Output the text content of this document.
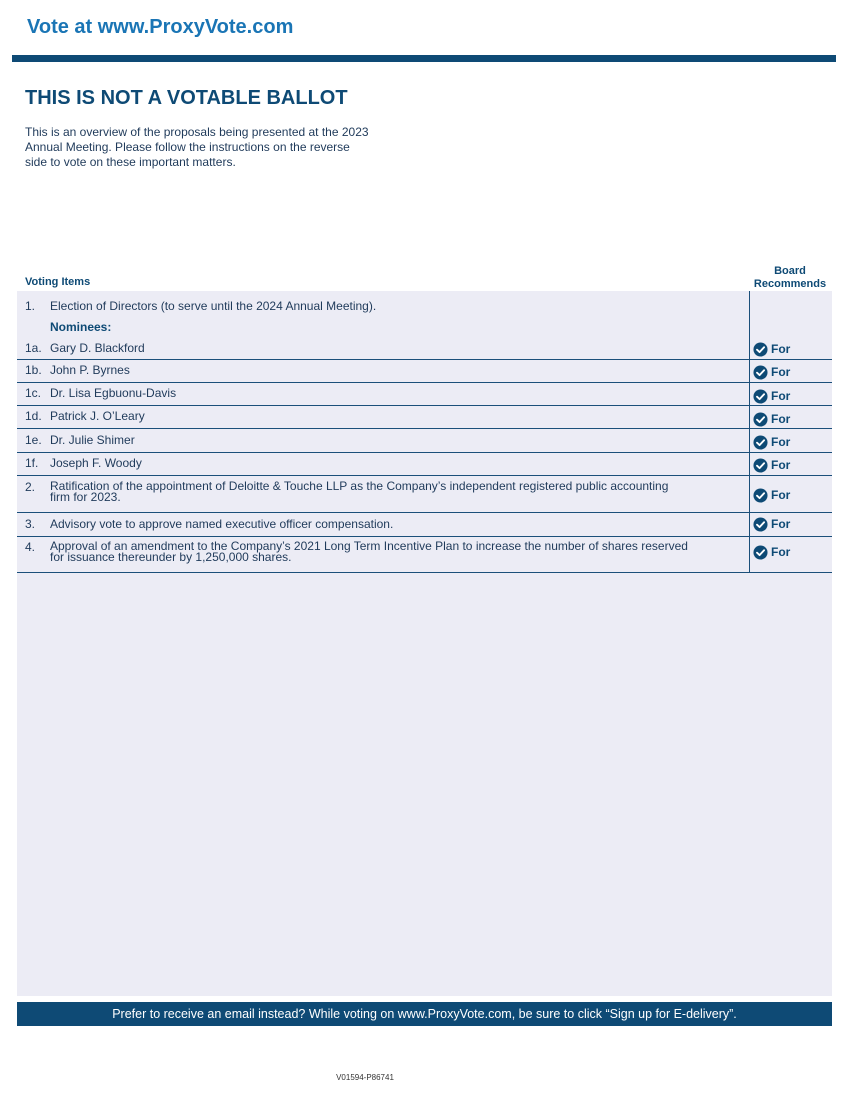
Vote at www.ProxyVote.com
THIS IS NOT A VOTABLE BALLOT
This is an overview of the proposals being presented at the 2023
Annual Meeting. Please follow the instructions on the reverse
side to vote on these important matters.
Voting Items
Board
Recommends
1. Election of Directors (to serve until the 2024 Annual Meeting).
Nominees:
1a. Gary D. Blackford
1b. John P. Byrnes
1c. Dr. Lisa Egbuonu-Davis
1d. Patrick J. O’Leary
1e. Dr. Julie Shimer
1f. Joseph F. Woody
2. Ratification of the appointment of Deloitte & Touche LLP as the Company’s independent registered public accounting
firm for 2023.
3. Advisory vote to approve named executive officer compensation.
4. Approval of an amendment to the Company’s 2021 Long Term Incentive Plan to increase the number of shares reserved
for issuance thereunder by 1,250,000 shares.
For
For
For
For
For
For
For
For
For
Prefer to receive an email instead? While voting on www.ProxyVote.com, be sure to click “Sign up for E-delivery”.
V01594-P86741
